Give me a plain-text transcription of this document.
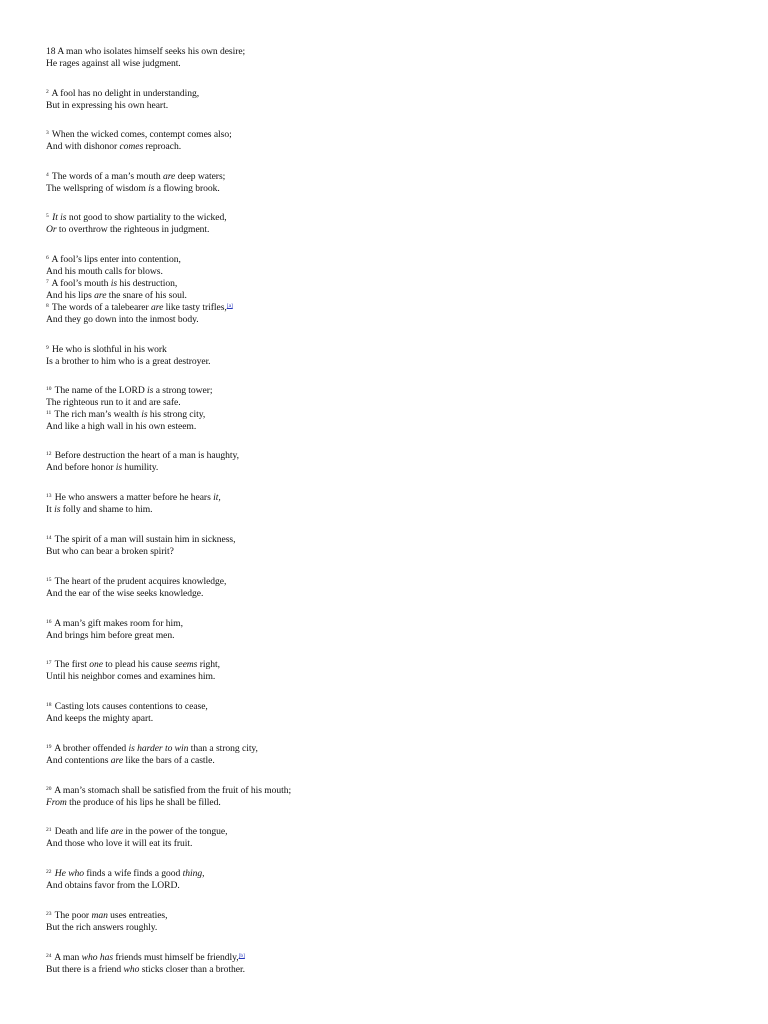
18 A man who isolates himself seeks his own desire;
He rages against all wise judgment.
$^2$ A fool has no delight in understanding,
But in expressing his own heart.
$^3$ When the wicked comes, contempt comes also;
And with dishonor comes reproach.
$^4$ The words of a man’s mouth are deep waters;
The wellspring of wisdom is a flowing brook.
$^5$ It is not good to show partiality to the wicked,
Or to overthrow the righteous in judgment.
$^6$ A fool’s lips enter into contention,
And his mouth calls for blows.
$^7$ A fool’s mouth is his destruction,
And his lips are the snare of his soul.
$^8$ The words of a talebearer are like tasty trifles,[a]
And they go down into the inmost body.
$^9$ He who is slothful in his work
Is a brother to him who is a great destroyer.
$^{10}$ The name of the LORD is a strong tower;
The righteous run to it and are safe.
$^{11}$ The rich man’s wealth is his strong city,
And like a high wall in his own esteem.
$^{12}$ Before destruction the heart of a man is haughty,
And before honor is humility.
$^{13}$ He who answers a matter before he hears it,
It is folly and shame to him.
$^{14}$ The spirit of a man will sustain him in sickness,
But who can bear a broken spirit?
$^{15}$ The heart of the prudent acquires knowledge,
And the ear of the wise seeks knowledge.
$^{16}$ A man’s gift makes room for him,
And brings him before great men.
$^{17}$ The first one to plead his cause seems right,
Until his neighbor comes and examines him.
$^{18}$ Casting lots causes contentions to cease,
And keeps the mighty apart.
$^{19}$ A brother offended is harder to win than a strong city,
And contentions are like the bars of a castle.
$^{20}$ A man’s stomach shall be satisfied from the fruit of his mouth;
From the produce of his lips he shall be filled.
$^{21}$ Death and life are in the power of the tongue,
And those who love it will eat its fruit.
$^{22}$ He who finds a wife finds a good thing,
And obtains favor from the LORD.
$^{23}$ The poor man uses entreaties,
But the rich answers roughly.
$^{24}$ A man who has friends must himself be friendly,[b]
But there is a friend who sticks closer than a brother.
